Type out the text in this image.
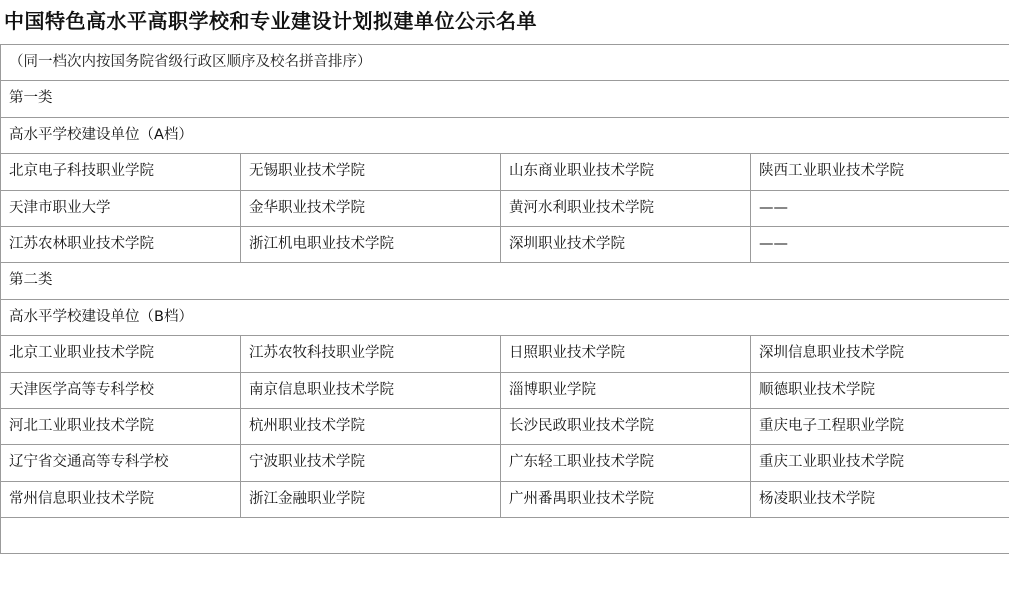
中国特色高水平高职学校和专业建设计划拟建单位公示名单
（同一档次内按国务院省级行政区顺序及校名拼音排序）			
第一类			
高水平学校建设单位（A档）			
北京电子科技职业学院	无锡职业技术学院	山东商业职业技术学院	陕西工业职业技术学院
天津市职业大学	金华职业技术学院	黄河水利职业技术学院	——
江苏农林职业技术学院	浙江机电职业技术学院	深圳职业技术学院	——
第二类			
高水平学校建设单位（B档）			
北京工业职业技术学院	江苏农牧科技职业学院	日照职业技术学院	深圳信息职业技术学院
天津医学高等专科学校	南京信息职业技术学院	淄博职业学院	顺德职业技术学院
河北工业职业技术学院	杭州职业技术学院	长沙民政职业技术学院	重庆电子工程职业学院
辽宁省交通高等专科学校	宁波职业技术学院	广东轻工职业技术学院	重庆工业职业技术学院
常州信息职业技术学院	浙江金融职业学院	广州番禺职业技术学院	杨凌职业技术学院
